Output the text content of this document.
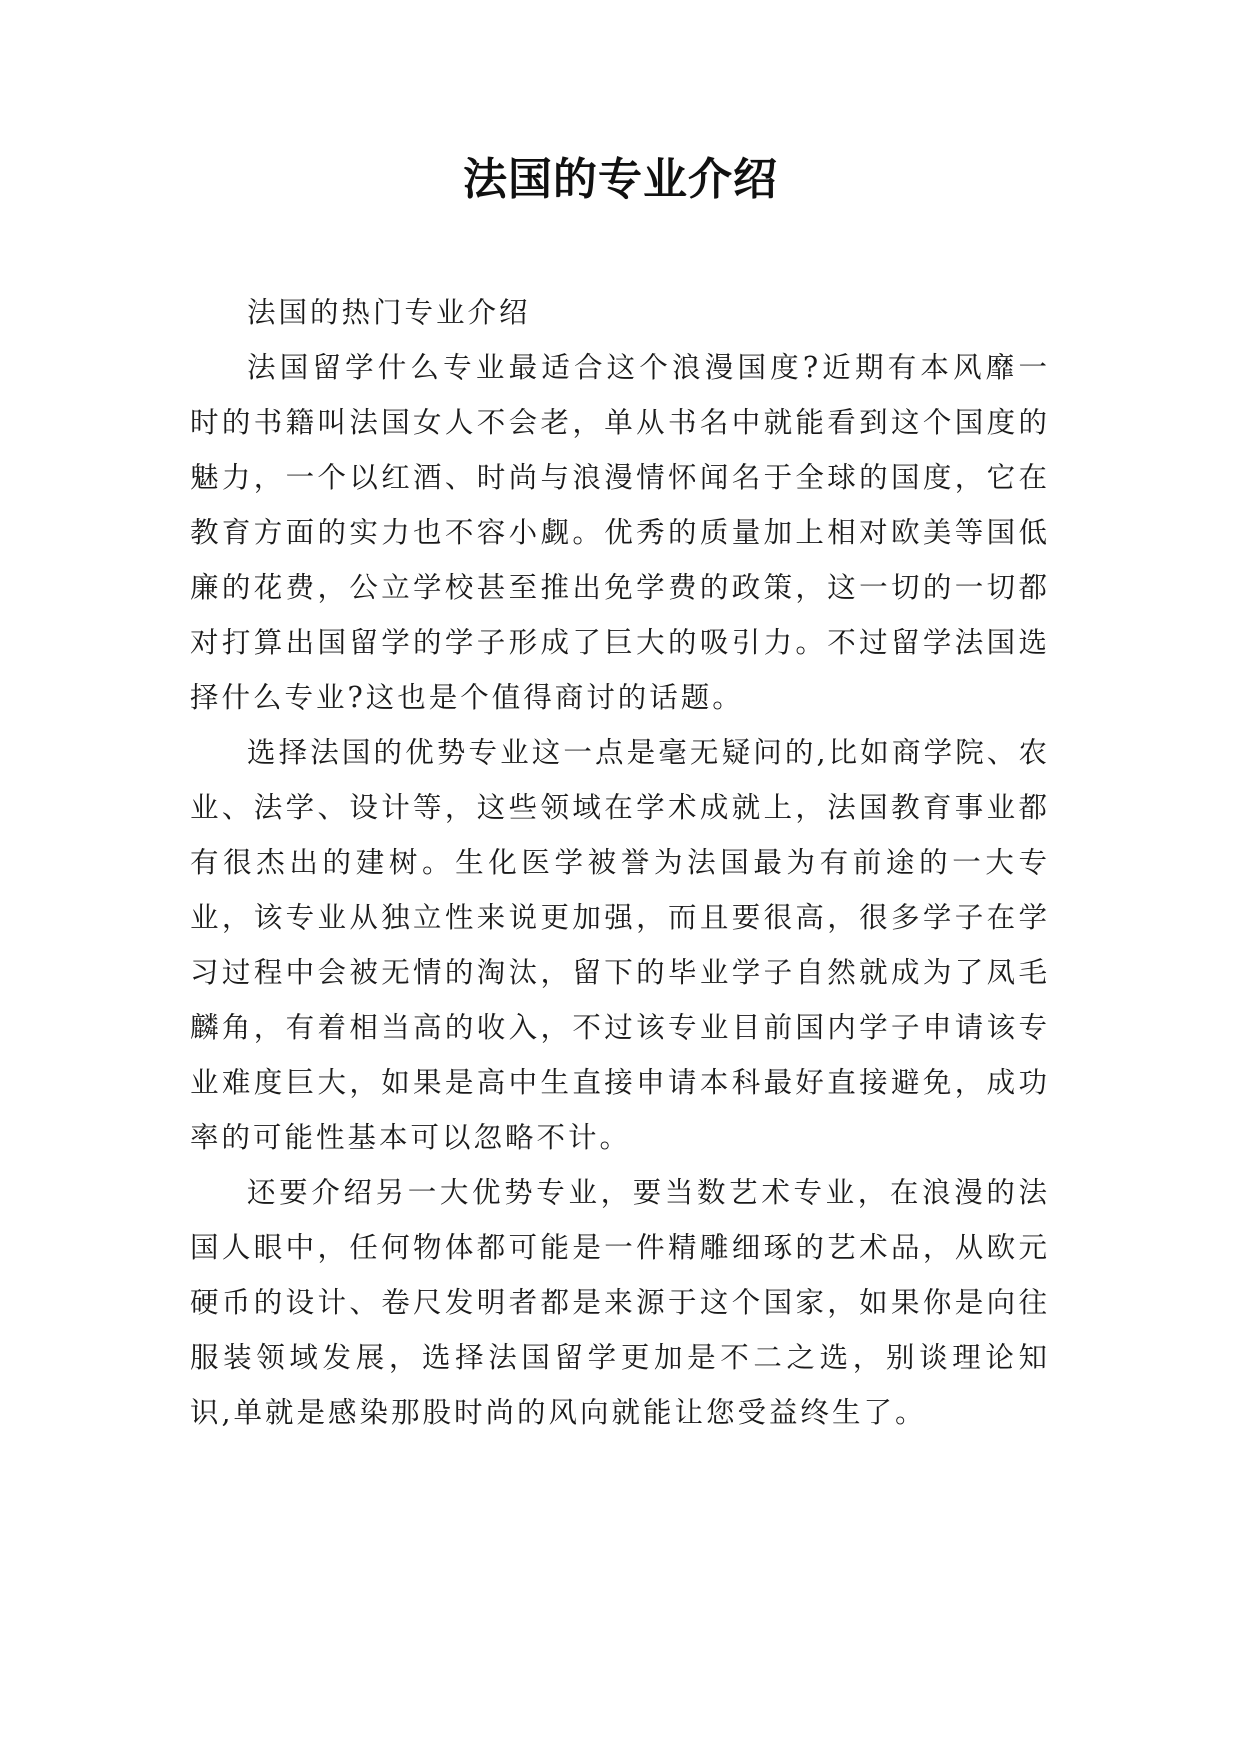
法国的专业介绍

法国的热门专业介绍

法国留学什么专业最适合这个浪漫国度?近期有本风靡一时的书籍叫法国女人不会老，单从书名中就能看到这个国度的魅力，一个以红酒、时尚与浪漫情怀闻名于全球的国度，它在教育方面的实力也不容小觑。优秀的质量加上相对欧美等国低廉的花费，公立学校甚至推出免学费的政策，这一切的一切都对打算出国留学的学子形成了巨大的吸引力。不过留学法国选择什么专业?这也是个值得商讨的话题。

选择法国的优势专业这一点是毫无疑问的,比如商学院、农业、法学、设计等，这些领域在学术成就上，法国教育事业都有很杰出的建树。生化医学被誉为法国最为有前途的一大专业，该专业从独立性来说更加强，而且要很高，很多学子在学习过程中会被无情的淘汰，留下的毕业学子自然就成为了凤毛麟角，有着相当高的收入，不过该专业目前国内学子申请该专业难度巨大，如果是高中生直接申请本科最好直接避免，成功率的可能性基本可以忽略不计。

还要介绍另一大优势专业，要当数艺术专业，在浪漫的法国人眼中，任何物体都可能是一件精雕细琢的艺术品，从欧元硬币的设计、卷尺发明者都是来源于这个国家，如果你是向往服装领域发展，选择法国留学更加是不二之选，别谈理论知识,单就是感染那股时尚的风向就能让您受益终生了。
